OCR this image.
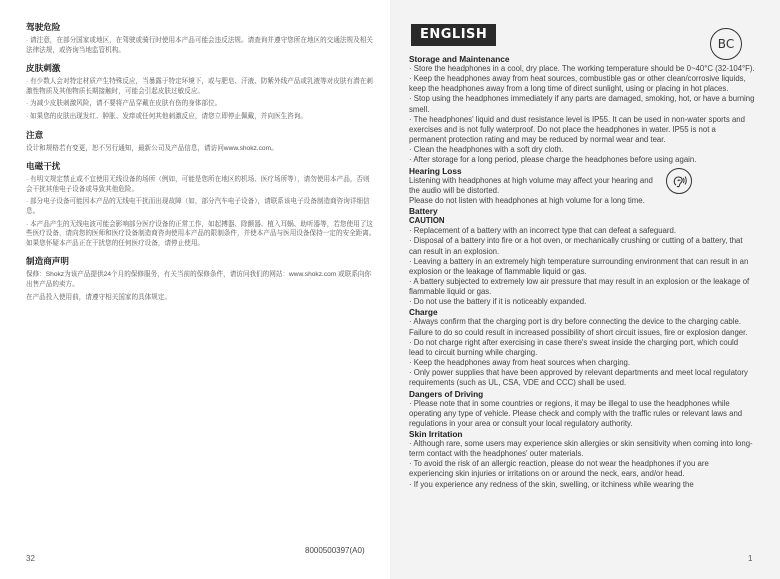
驾驶危险

· 请注意，在部分国家或地区，在驾驶或骑行时使用本产品可能会违反法规。请查询并遵守您所在地区的交通法规及相关法律法规，或咨询当地监管机构。

皮肤刺激

· 有少数人会对特定材质产生特殊反应，当暴露于特定环境下，或与肥皂、汗液、防紫外线产品或乳液等对皮肤有潜在刺激性物质及其他物质长期接触时，可能会引起皮肤过敏反应。

· 为减少皮肤刺激风险，请不要将产品穿戴在皮肤有伤的身体部位。

· 如果您的皮肤出现发红、肿胀、发痒或任何其他刺激反应，请您立即停止佩戴，并向医生咨询。

注意

设计和规格若有变更，恕不另行通知，最新公司及产品信息，请访问www.shokz.com。

电磁干扰

· 有明文规定禁止或不宜使用无线设备的场所（例如，可能是您所在地区的机场、医疗场所等），请勿使用本产品，否则会干扰其他电子设备或导致其他危险。

· 部分电子设备可能因本产品的无线电干扰而出现故障（如，部分汽车电子设备），请联系该电子设备制造商咨询详细信息。

· 本产品产生的无线电波可能会影响部分医疗设备的正常工作，如起搏器、除颤器、植入耳蜗、助听器等，若您使用了这些医疗设备，请向您的医师和医疗设备制造商咨询使用本产品的限制条件，并使本产品与医用设备保持一定的安全距离。如果您怀疑本产品正在干扰您的任何医疗设备，请停止使用。

制造商声明

保修：Shokz为该产品提供24个月的保修服务，有关当前的保修条件，请访问我们的网站：www.shokz.com 或联系向你出售产品的卖方。

在产品投入使用前，请遵守相关国家的具体规定。

8000500397(A0)
32
ENGLISH
BC
Storage and Maintenance

· Store the headphones in a cool, dry place. The working temperature should be 0~40°C (32-104°F).

· Keep the headphones away from heat sources, combustible gas or other clean/corrosive liquids, keep the headphones away from a long time of direct sunlight, using or placing in hot places.

· Stop using the headphones immediately if any parts are damaged, smoking, hot, or have a burning smell.

· The headphones' liquid and dust resistance level is IP55. It can be used in non-water sports and exercises and is not fully waterproof. Do not place the headphones in water. IP55 is not a permanent protection rating and may be reduced by normal wear and tear.

· Clean the headphones with a soft dry cloth.

· After storage for a long period, please charge the headphones before using again.

Hearing Loss

Listening with headphones at high volume may affect your hearing and the audio will be distorted.

Please do not listen with headphones at high volume for a long time.

Battery

CAUTION

· Replacement of a battery with an incorrect type that can defeat a safeguard.

· Disposal of a battery into fire or a hot oven, or mechanically crushing or cutting of a battery, that can result in an explosion.

· Leaving a battery in an extremely high temperature surrounding environment that can result in an explosion or the leakage of flammable liquid or gas.

· A battery subjected to extremely low air pressure that may result in an explosion or the leakage of flammable liquid or gas.

· Do not use the battery if it is noticeably expanded.

Charge

· Always confirm that the charging port is dry before connecting the device to the charging cable. Failure to do so could result in increased possibility of short circuit issues, fire or explosion danger.

· Do not charge right after exercising in case there's sweat inside the charging port, which could lead to circuit burning while charging.

· Keep the headphones away from heat sources when charging.

· Only power supplies that have been approved by relevant departments and meet local regulatory requirements (such as UL, CSA, VDE and CCC) shall be used.

Dangers of Driving

· Please note that in some countries or regions, it may be illegal to use the headphones while operating any type of vehicle. Please check and comply with the traffic rules or relevant laws and regulations in your area or consult your local regulatory authority.

Skin Irritation

· Although rare, some users may experience skin allergies or skin sensitivity when coming into long-term contact with the headphones' outer materials.

· To avoid the risk of an allergic reaction, please do not wear the headphones if you are experiencing skin injuries or irritations on or around the neck, ears, and/or head.

· If you experience any redness of the skin, swelling, or itchiness while wearing the

1
